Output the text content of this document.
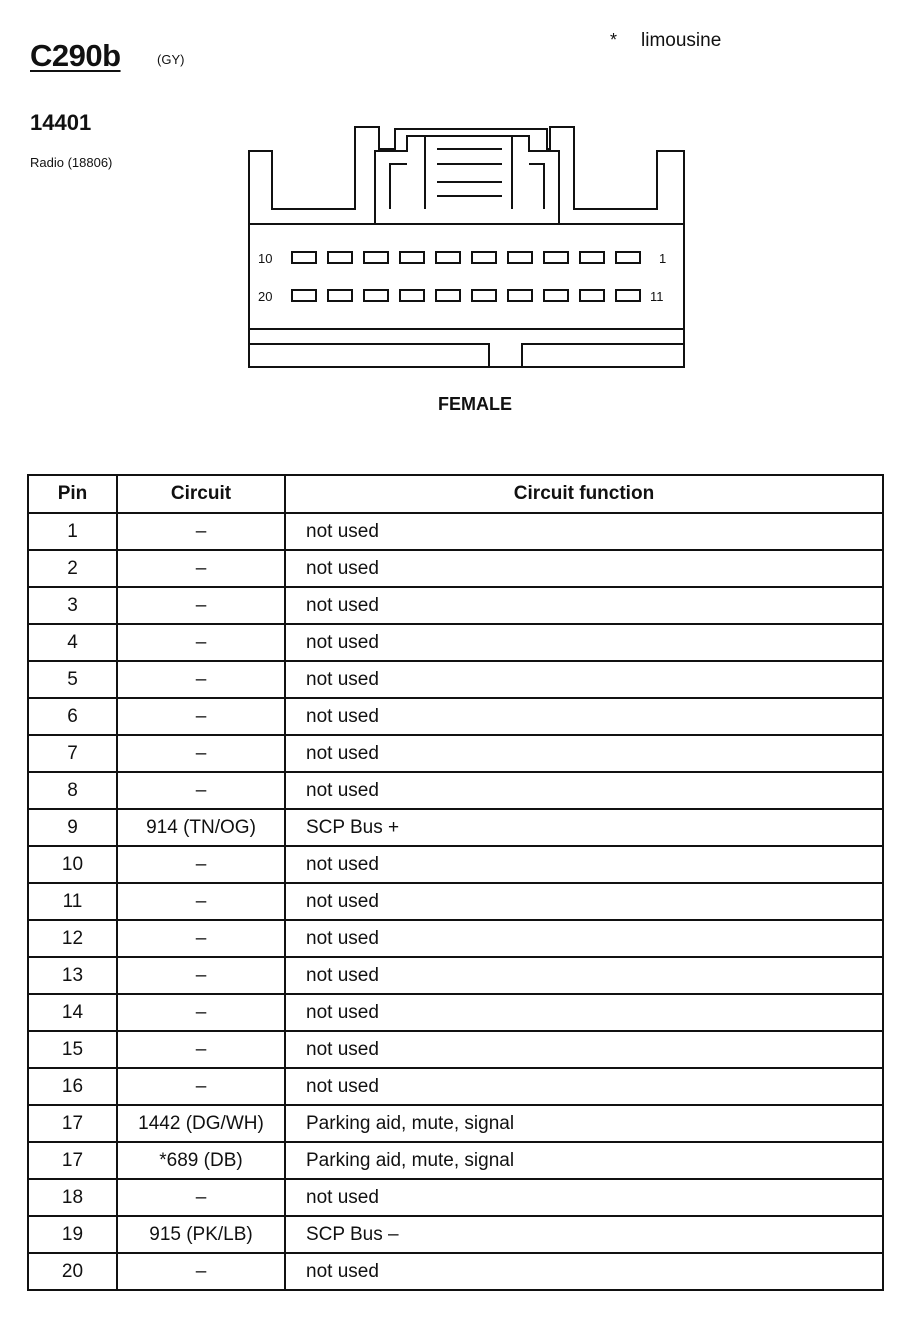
C290b	(GY)
* limousine
14401
Radio (18806)
10	1
20	11
FEMALE
Pin	Circuit	Circuit function
1	–	not used
2	–	not used
3	–	not used
4	–	not used
5	–	not used
6	–	not used
7	–	not used
8	–	not used
9	914 (TN/OG)	SCP Bus +
10	–	not used
11	–	not used
12	–	not used
13	–	not used
14	–	not used
15	–	not used
16	–	not used
17	1442 (DG/WH)	Parking aid, mute, signal
17	*689 (DB)	Parking aid, mute, signal
18	–	not used
19	915 (PK/LB)	SCP Bus –
20	–	not used
